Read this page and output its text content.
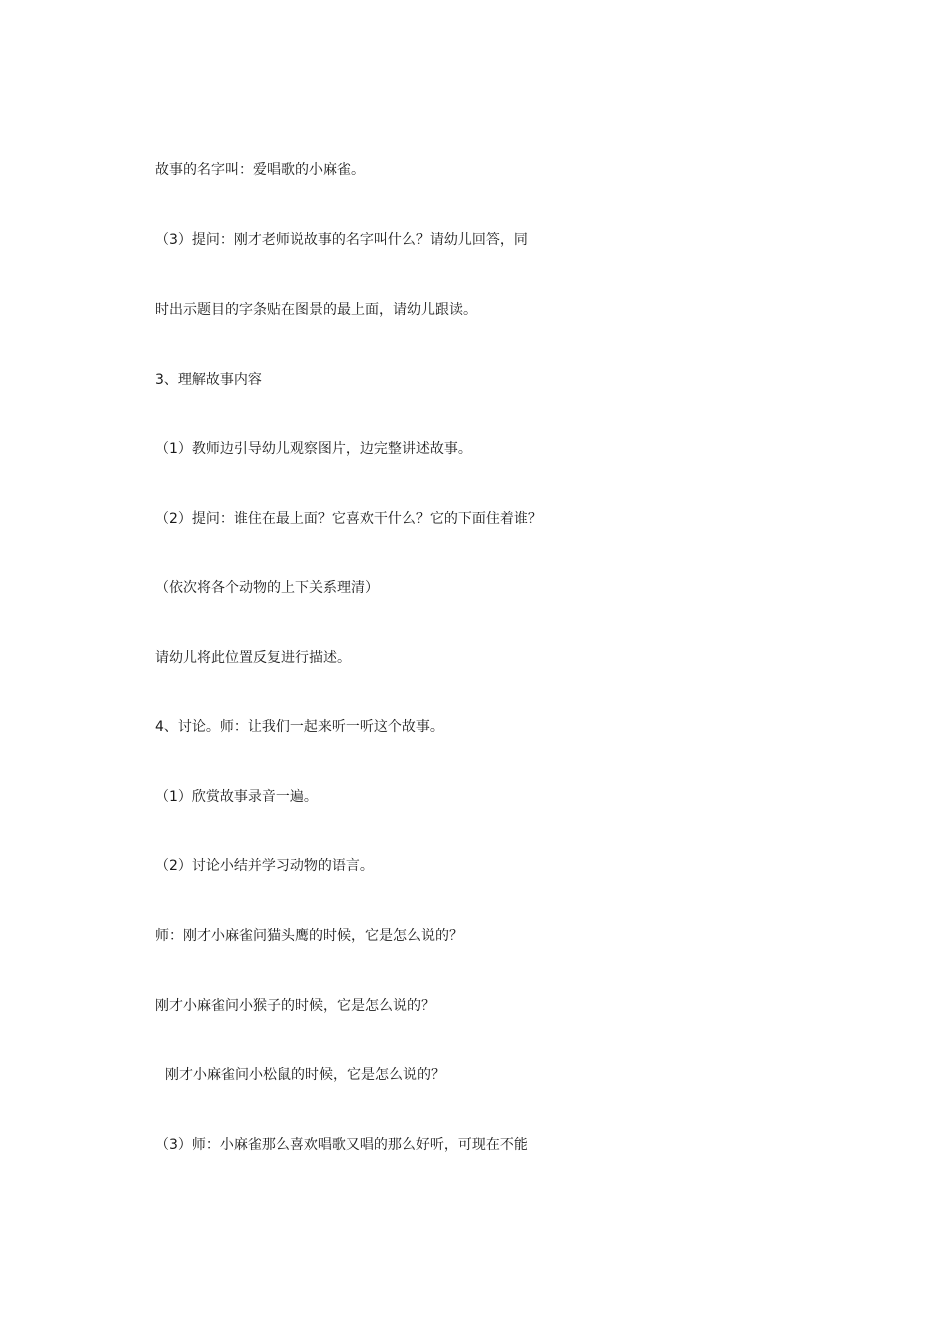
故事的名字叫：爱唱歌的小麻雀。
（3）提问：刚才老师说故事的名字叫什么？请幼儿回答，同
时出示题目的字条贴在图景的最上面，请幼儿跟读。
3、理解故事内容
（1）教师边引导幼儿观察图片，边完整讲述故事。
（2）提问：谁住在最上面？它喜欢干什么？它的下面住着谁？
（依次将各个动物的上下关系理清）
请幼儿将此位置反复进行描述。
4、讨论。师：让我们一起来听一听这个故事。
（1）欣赏故事录音一遍。
（2）讨论小结并学习动物的语言。
师：刚才小麻雀问猫头鹰的时候，它是怎么说的？
刚才小麻雀问小猴子的时候，它是怎么说的？
刚才小麻雀问小松鼠的时候，它是怎么说的？
（3）师：小麻雀那么喜欢唱歌又唱的那么好听，可现在不能
